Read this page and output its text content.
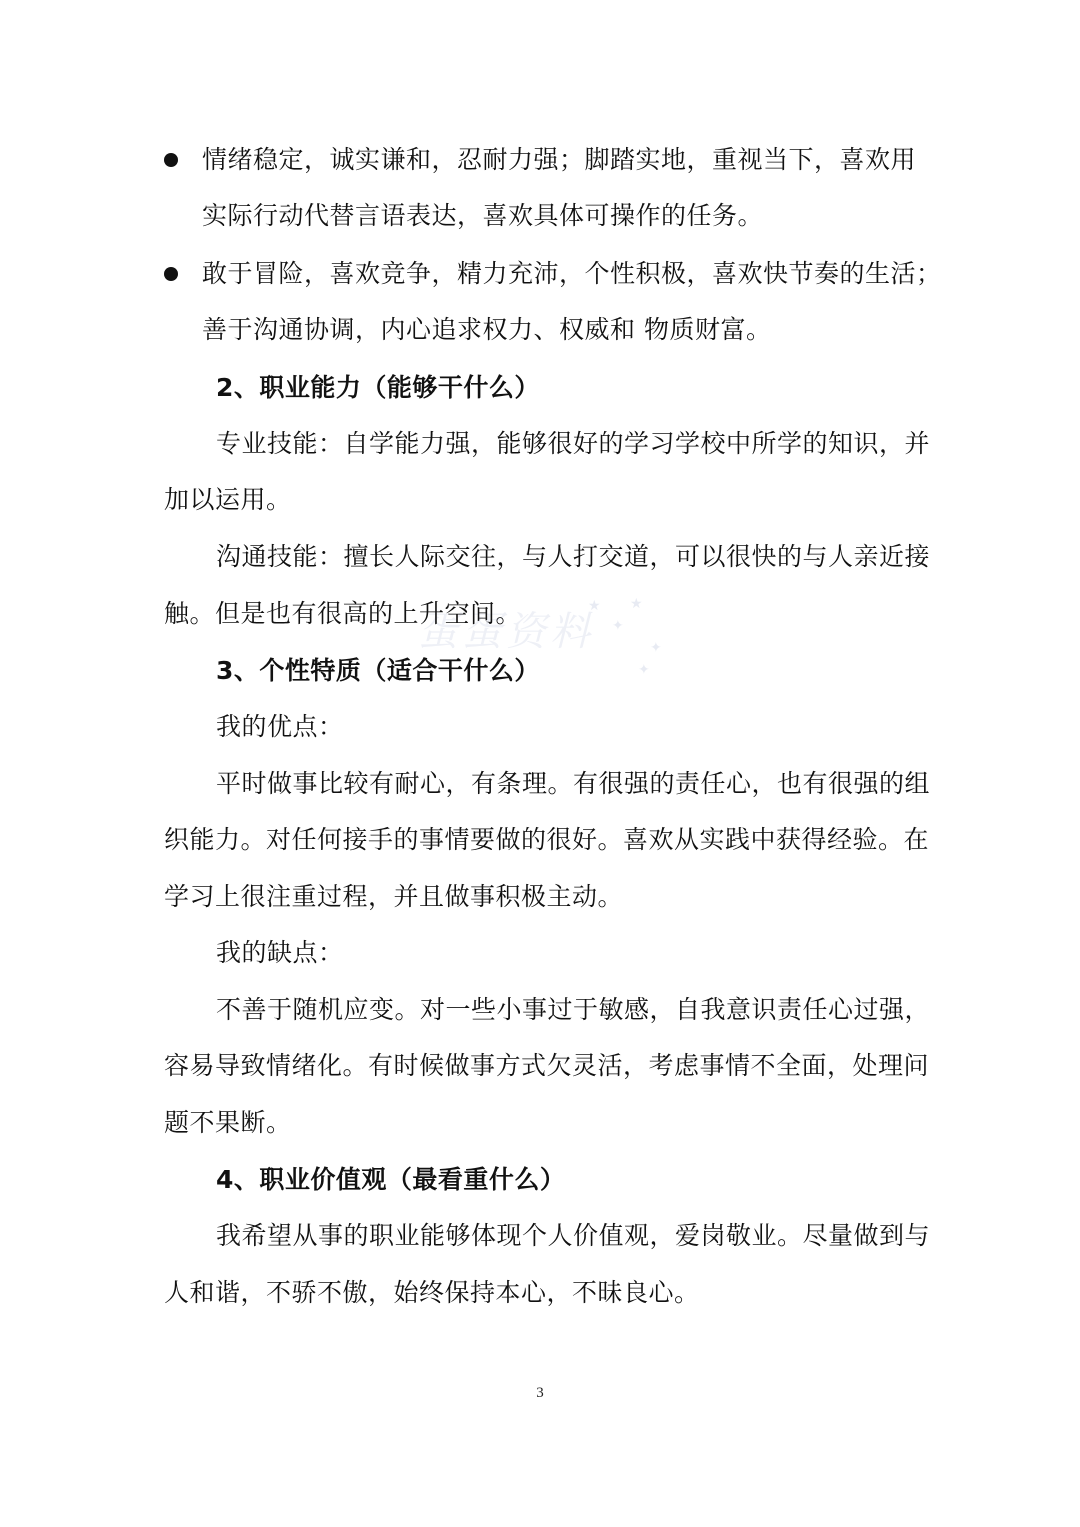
蛋蛋资料
★ ★
✦
✦
✦
情绪稳定，诚实谦和，忍耐力强；脚踏实地，重视当下，喜欢用
实际行动代替言语表达，喜欢具体可操作的任务。
敢于冒险，喜欢竞争，精力充沛，个性积极，喜欢快节奏的生活；
善于沟通协调，内心追求权力、权威和 物质财富。
2、职业能力（能够干什么）
专业技能：自学能力强，能够很好的学习学校中所学的知识，并
加以运用。
沟通技能：擅长人际交往，与人打交道，可以很快的与人亲近接
触。但是也有很高的上升空间。
3、个性特质（适合干什么）
我的优点：
平时做事比较有耐心，有条理。有很强的责任心，也有很强的组
织能力。对任何接手的事情要做的很好。喜欢从实践中获得经验。在
学习上很注重过程，并且做事积极主动。
我的缺点：
不善于随机应变。对一些小事过于敏感，自我意识责任心过强，
容易导致情绪化。有时候做事方式欠灵活，考虑事情不全面，处理问
题不果断。
4、职业价值观（最看重什么）
我希望从事的职业能够体现个人价值观，爱岗敬业。尽量做到与
人和谐，不骄不傲，始终保持本心，不昧良心。
3
